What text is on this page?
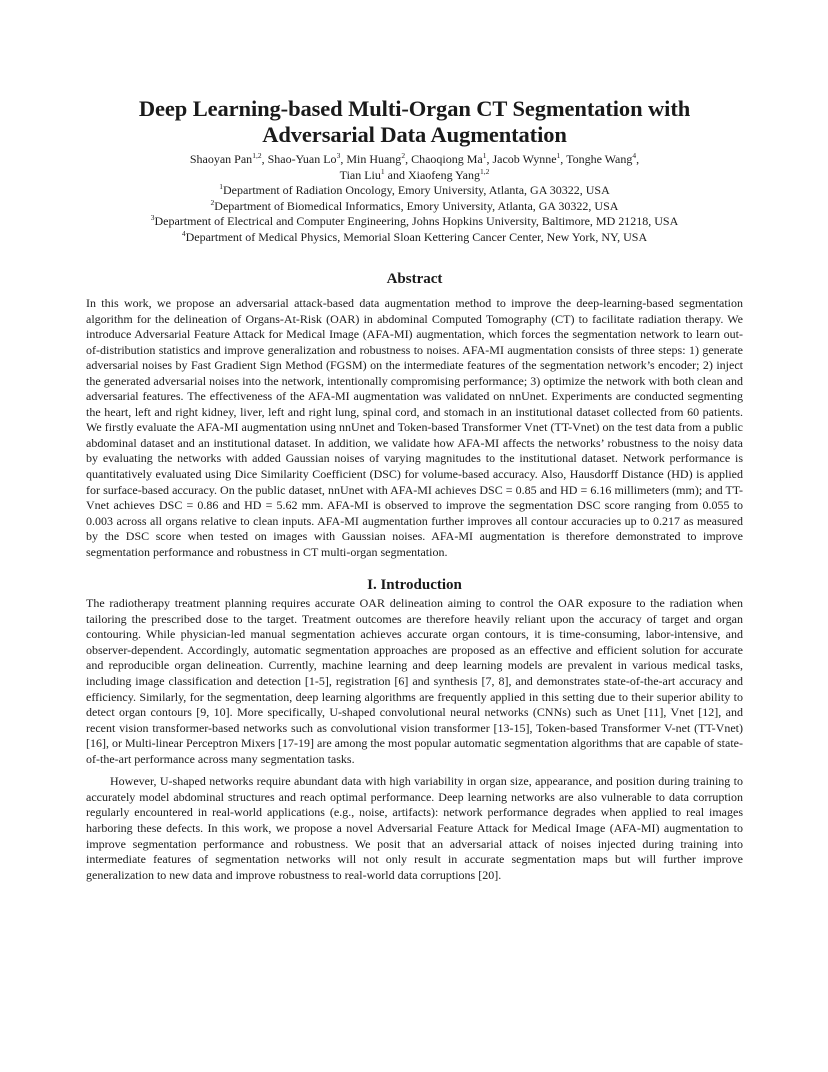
Deep Learning-based Multi-Organ CT Segmentation with Adversarial Data Augmentation

Shaoyan Pan$^{1,2}$, Shao-Yuan Lo$^3$, Min Huang$^2$, Chaoqiong Ma$^1$, Jacob Wynne$^1$, Tonghe Wang$^4$,
Tian Liu$^1$ and Xiaofeng Yang$^{1,2}$

$^1$Department of Radiation Oncology, Emory University, Atlanta, GA 30322, USA

$^2$Department of Biomedical Informatics, Emory University, Atlanta, GA 30322, USA

$^3$Department of Electrical and Computer Engineering, Johns Hopkins University, Baltimore, MD 21218, USA

$^4$Department of Medical Physics, Memorial Sloan Kettering Cancer Center, New York, NY, USA

Abstract

In this work, we propose an adversarial attack-based data augmentation method to improve the deep-learning-based segmentation algorithm for the delineation of Organs-At-Risk (OAR) in abdominal Computed Tomography (CT) to facilitate radiation therapy. We introduce Adversarial Feature Attack for Medical Image (AFA-MI) augmentation, which forces the segmentation network to learn out-of-distribution statistics and improve generalization and robustness to noises. AFA-MI augmentation consists of three steps: 1) generate adversarial noises by Fast Gradient Sign Method (FGSM) on the intermediate features of the segmentation network’s encoder; 2) inject the generated adversarial noises into the network, intentionally compromising performance; 3) optimize the network with both clean and adversarial features. The effectiveness of the AFA-MI augmentation was validated on nnUnet. Experiments are conducted segmenting the heart, left and right kidney, liver, left and right lung, spinal cord, and stomach in an institutional dataset collected from 60 patients. We firstly evaluate the AFA-MI augmentation using nnUnet and Token-based Transformer Vnet (TT-Vnet) on the test data from a public abdominal dataset and an institutional dataset. In addition, we validate how AFA-MI affects the networks’ robustness to the noisy data by evaluating the networks with added Gaussian noises of varying magnitudes to the institutional dataset. Network performance is quantitatively evaluated using Dice Similarity Coefficient (DSC) for volume-based accuracy. Also, Hausdorff Distance (HD) is applied for surface-based accuracy. On the public dataset, nnUnet with AFA-MI achieves DSC = 0.85 and HD = 6.16 millimeters (mm); and TT-Vnet achieves DSC = 0.86 and HD = 5.62 mm. AFA-MI is observed to improve the segmentation DSC score ranging from 0.055 to 0.003 across all organs relative to clean inputs. AFA-MI augmentation further improves all contour accuracies up to 0.217 as measured by the DSC score when tested on images with Gaussian noises. AFA-MI augmentation is therefore demonstrated to improve segmentation performance and robustness in CT multi-organ segmentation.

I. Introduction

The radiotherapy treatment planning requires accurate OAR delineation aiming to control the OAR exposure to the radiation when tailoring the prescribed dose to the target. Treatment outcomes are therefore heavily reliant upon the accuracy of target and organ contouring. While physician-led manual segmentation achieves accurate organ contours, it is time-consuming, labor-intensive, and observer-dependent. Accordingly, automatic segmentation approaches are proposed as an effective and efficient solution for accurate and reproducible organ delineation. Currently, machine learning and deep learning models are prevalent in various medical tasks, including image classification and detection [1-5], registration [6] and synthesis [7, 8], and demonstrates state-of-the-art accuracy and efficiency. Similarly, for the segmentation, deep learning algorithms are frequently applied in this setting due to their superior ability to detect organ contours [9, 10]. More specifically, U-shaped convolutional neural networks (CNNs) such as Unet [11], Vnet [12], and recent vision transformer-based networks such as convolutional vision transformer [13-15], Token-based Transformer V-net (TT-Vnet) [16], or Multi-linear Perceptron Mixers [17-19] are among the most popular automatic segmentation algorithms that are capable of state-of-the-art performance across many segmentation tasks.

However, U-shaped networks require abundant data with high variability in organ size, appearance, and position during training to accurately model abdominal structures and reach optimal performance. Deep learning networks are also vulnerable to data corruption regularly encountered in real-world applications (e.g., noise, artifacts): network performance degrades when applied to real images harboring these defects. In this work, we propose a novel Adversarial Feature Attack for Medical Image (AFA-MI) augmentation to improve segmentation performance and robustness. We posit that an adversarial attack of noises injected during training into intermediate features of segmentation networks will not only result in accurate segmentation maps but will further improve generalization to new data and improve robustness to real-world data corruptions [20].
